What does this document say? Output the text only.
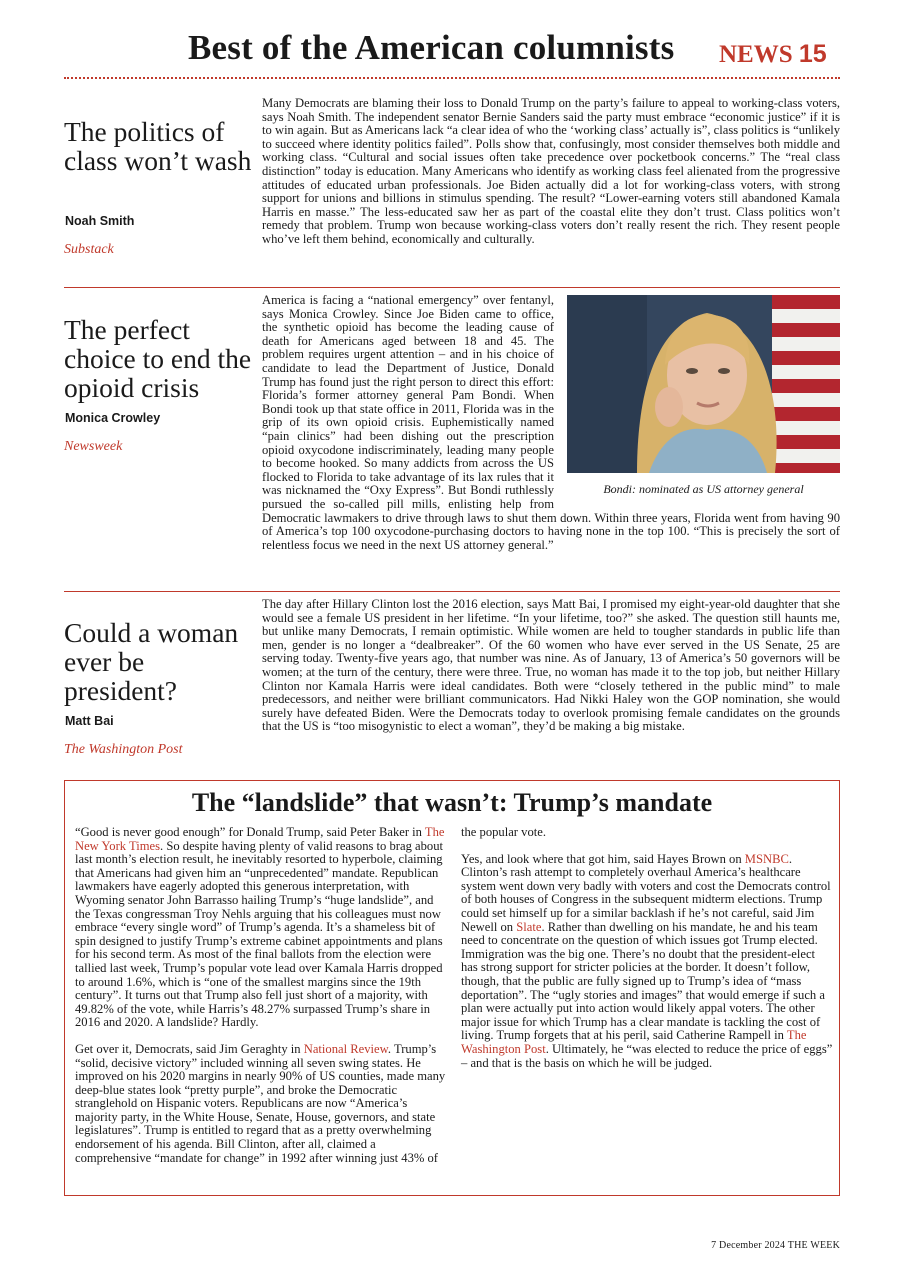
Best of the American columnists NEWS 15
The politics of class won’t wash
Noah Smith
Substack

Many Democrats are blaming their loss to Donald Trump on the party’s failure to appeal to working-class voters, says Noah Smith. The independent senator Bernie Sanders said the party must embrace “economic justice” if it is to win again. But as Americans lack “a clear idea of who the ‘working class’ actually is”, class politics is “unlikely to succeed where identity politics failed”. Polls show that, confusingly, most consider themselves both middle and working class. “Cultural and social issues often take precedence over pocketbook concerns.” The “real class distinction” today is education. Many Americans who identify as working class feel alienated from the progressive attitudes of educated urban professionals. Joe Biden actually did a lot for working-class voters, with strong support for unions and billions in stimulus spending. The result? “Lower-earning voters still abandoned Kamala Harris en masse.” The less-educated saw her as part of the coastal elite they don’t trust. Class politics won’t remedy that problem. Trump won because working-class voters don’t really resent the rich. They resent people who’ve left them behind, economically and culturally.

The perfect choice to end the opioid crisis
Monica Crowley
Newsweek

America is facing a “national emergency” over fentanyl, says Monica Crowley. Since Joe Biden came to office, the synthetic opioid has become the leading cause of death for Americans aged between 18 and 45. The problem requires urgent attention – and in his choice of candidate to lead the Department of Justice, Donald Trump has found just the right person to direct this effort: Florida’s former attorney general Pam Bondi. When Bondi took up that state office in 2011, Florida was in the grip of its own opioid crisis. Euphemistically named “pain clinics” had been dishing out the prescription opioid oxycodone indiscriminately, leading many people to become hooked. So many addicts from across the US flocked to Florida to take advantage of its lax rules that it was nicknamed the “Oxy Express”. But Bondi ruthlessly pursued the so-called pill mills, enlisting help from Democratic lawmakers to drive through laws to shut them down. Within three years, Florida went from having 90 of America’s top 100 oxycodone-purchasing doctors to having none in the top 100. “This is precisely the sort of relentless focus we need in the next US attorney general.”

Bondi: nominated as US attorney general
Could a woman ever be president?
Matt Bai
The Washington Post

The day after Hillary Clinton lost the 2016 election, says Matt Bai, I promised my eight-year-old daughter that she would see a female US president in her lifetime. “In your lifetime, too?” she asked. The question still haunts me, but unlike many Democrats, I remain optimistic. While women are held to tougher standards in public life than men, gender is no longer a “dealbreaker”. Of the 60 women who have ever served in the US Senate, 25 are serving today. Twenty-five years ago, that number was nine. As of January, 13 of America’s 50 governors will be women; at the turn of the century, there were three. True, no woman has made it to the top job, but neither Hillary Clinton nor Kamala Harris were ideal candidates. Both were “closely tethered in the public mind” to male predecessors, and neither were brilliant communicators. Had Nikki Haley won the GOP nomination, she would surely have defeated Biden. Were the Democrats today to overlook promising female candidates on the grounds that the US is “too misogynistic to elect a woman”, they’d be making a big mistake.

The “landslide” that wasn’t: Trump’s mandate

“Good is never good enough” for Donald Trump, said Peter Baker in The New York Times. So despite having plenty of valid reasons to brag about last month’s election result, he inevitably resorted to hyperbole, claiming that Americans had given him an “unprecedented” mandate. Republican lawmakers have eagerly adopted this generous interpretation, with Wyoming senator John Barrasso hailing Trump’s “huge landslide”, and the Texas congressman Troy Nehls arguing that his colleagues must now embrace “every single word” of Trump’s agenda. It’s a shameless bit of spin designed to justify Trump’s extreme cabinet appointments and plans for his second term. As most of the final ballots from the election were tallied last week, Trump’s popular vote lead over Kamala Harris dropped to around 1.6%, which is “one of the smallest margins since the 19th century”. It turns out that Trump also fell just short of a majority, with 49.82% of the vote, while Harris’s 48.27% surpassed Trump’s share in 2016 and 2020. A landslide? Hardly.

Get over it, Democrats, said Jim Geraghty in National Review. Trump’s “solid, decisive victory” included winning all seven swing states. He improved on his 2020 margins in nearly 90% of US counties, made many deep-blue states look “pretty purple”, and broke the Democratic stranglehold on Hispanic voters. Republicans are now “America’s majority party, in the White House, Senate, House, governors, and state legislatures”. Trump is entitled to regard that as a pretty overwhelming endorsement of his agenda. Bill Clinton, after all, claimed a comprehensive “mandate for change” in 1992 after winning just 43% of

the popular vote.

Yes, and look where that got him, said Hayes Brown on MSNBC. Clinton’s rash attempt to completely overhaul America’s healthcare system went down very badly with voters and cost the Democrats control of both houses of Congress in the subsequent midterm elections. Trump could set himself up for a similar backlash if he’s not careful, said Jim Newell on Slate. Rather than dwelling on his mandate, he and his team need to concentrate on the question of which issues got Trump elected. Immigration was the big one. There’s no doubt that the president-elect has strong support for stricter policies at the border. It doesn’t follow, though, that the public are fully signed up to Trump’s idea of “mass deportation”. The “ugly stories and images” that would emerge if such a plan were actually put into action would likely appal voters. The other major issue for which Trump has a clear mandate is tackling the cost of living. Trump forgets that at his peril, said Catherine Rampell in The Washington Post. Ultimately, he “was elected to reduce the price of eggs” – and that is the basis on which he will be judged.

7 December 2024 THE WEEK
